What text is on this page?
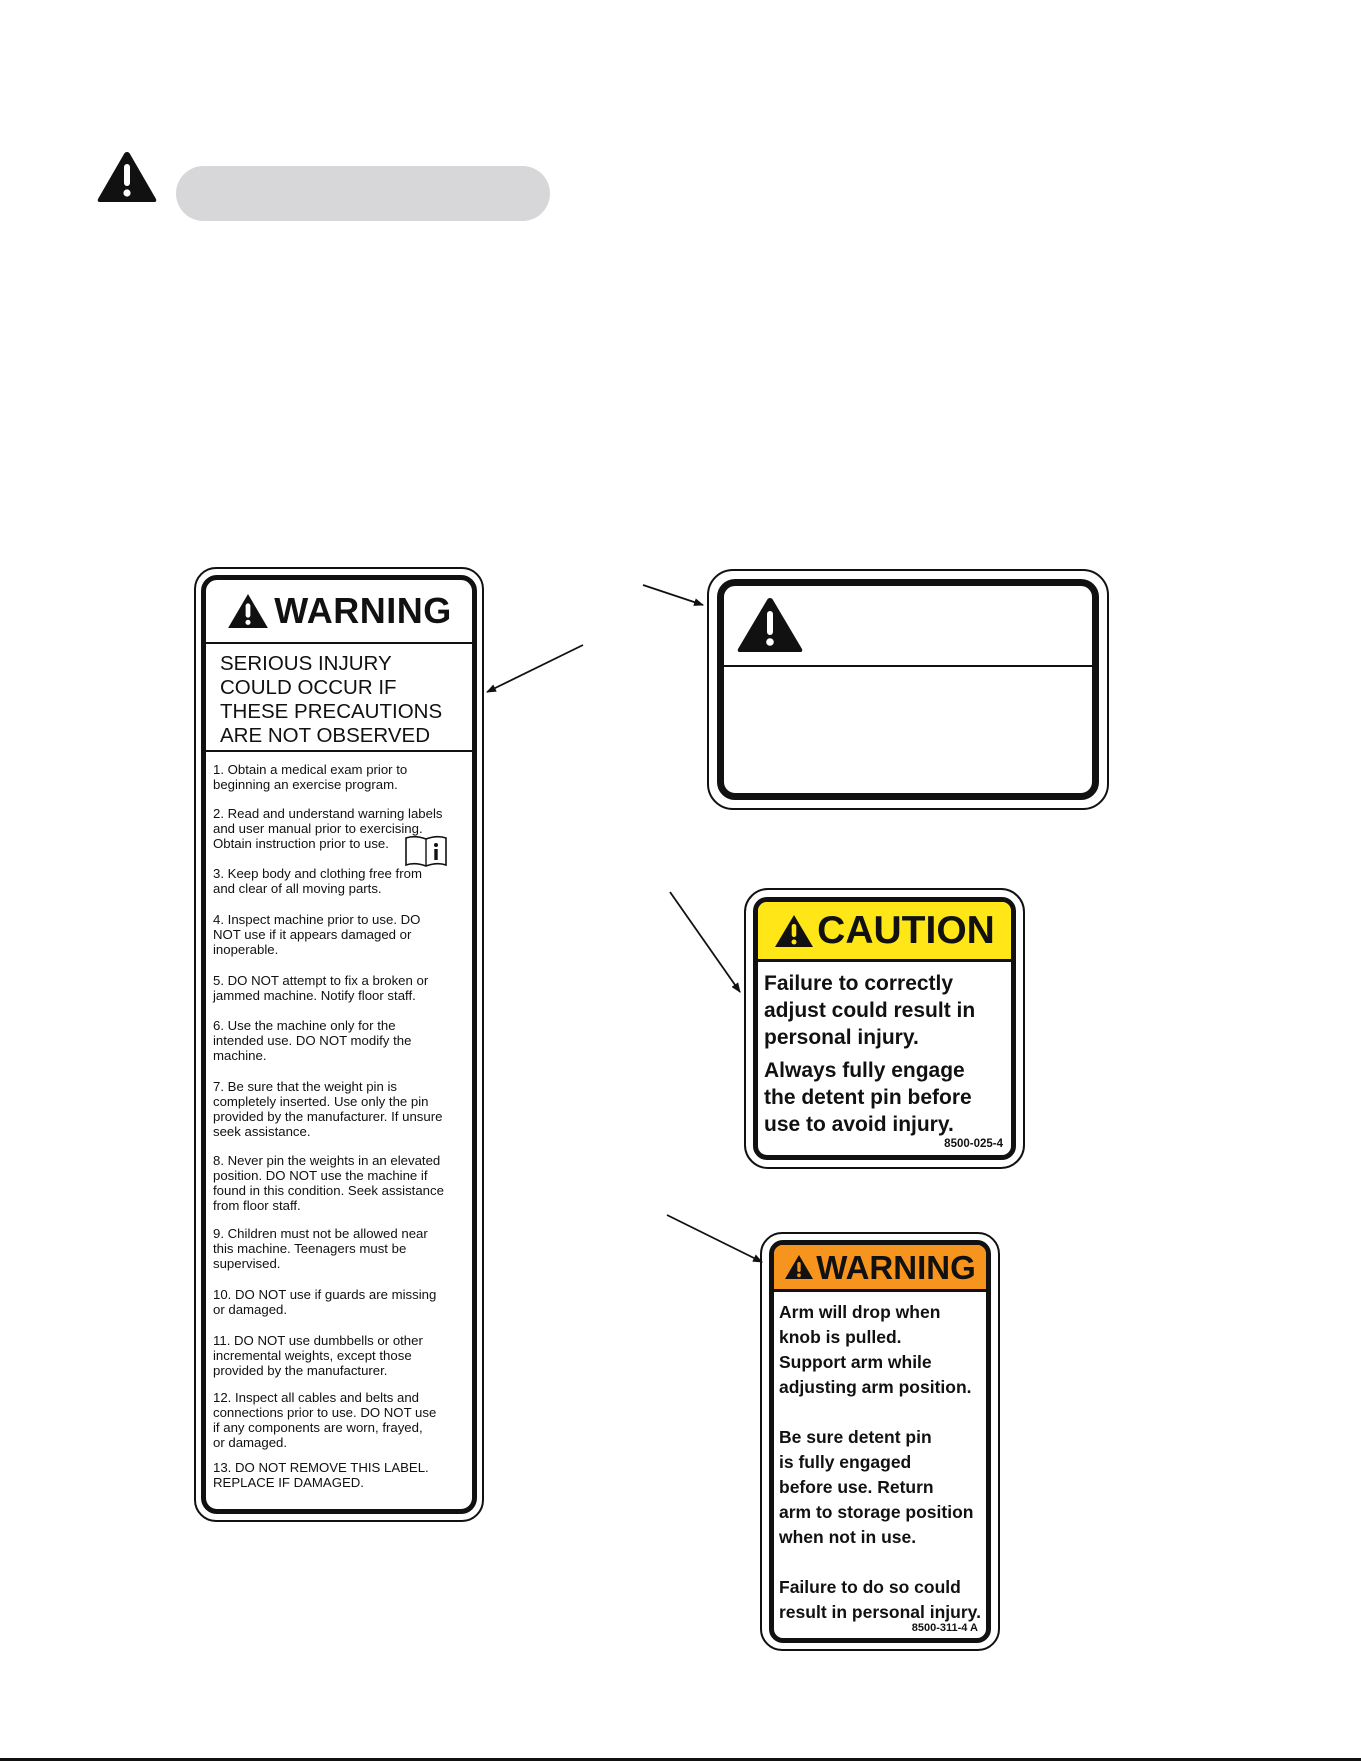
WARNING
SERIOUS INJURY
COULD OCCUR IF
THESE PRECAUTIONS
ARE NOT OBSERVED
1. Obtain a medical exam prior to
beginning an exercise program.
2. Read and understand warning labels
and user manual prior to exercising.
Obtain instruction prior to use.
3. Keep body and clothing free from
and clear of all moving parts.
4. Inspect machine prior to use. DO
NOT use if it appears damaged or
inoperable.
5. DO NOT attempt to fix a broken or
jammed machine. Notify floor staff.
6. Use the machine only for the
intended use. DO NOT modify the
machine.
7. Be sure that the weight pin is
completely inserted. Use only the pin
provided by the manufacturer. If unsure
seek assistance.
8. Never pin the weights in an elevated
position. DO NOT use the machine if
found in this condition. Seek assistance
from floor staff.
9. Children must not be allowed near
this machine. Teenagers must be
supervised.
10. DO NOT use if guards are missing
or damaged.
11. DO NOT use dumbbells or other
incremental weights, except those
provided by the manufacturer.
12. Inspect all cables and belts and
connections prior to use. DO NOT use
if any components are worn, frayed,
or damaged.
13. DO NOT REMOVE THIS LABEL.
REPLACE IF DAMAGED.
CAUTION
Failure to correctly
adjust could result in
personal injury.
Always fully engage
the detent pin before
use to avoid injury.
8500-025-4
WARNING
Arm will drop when
knob is pulled.
Support arm while
adjusting arm position.

Be sure detent pin
is fully engaged
before use. Return
arm to storage position
when not in use.

Failure to do so could
result in personal injury.
8500-311-4 A
